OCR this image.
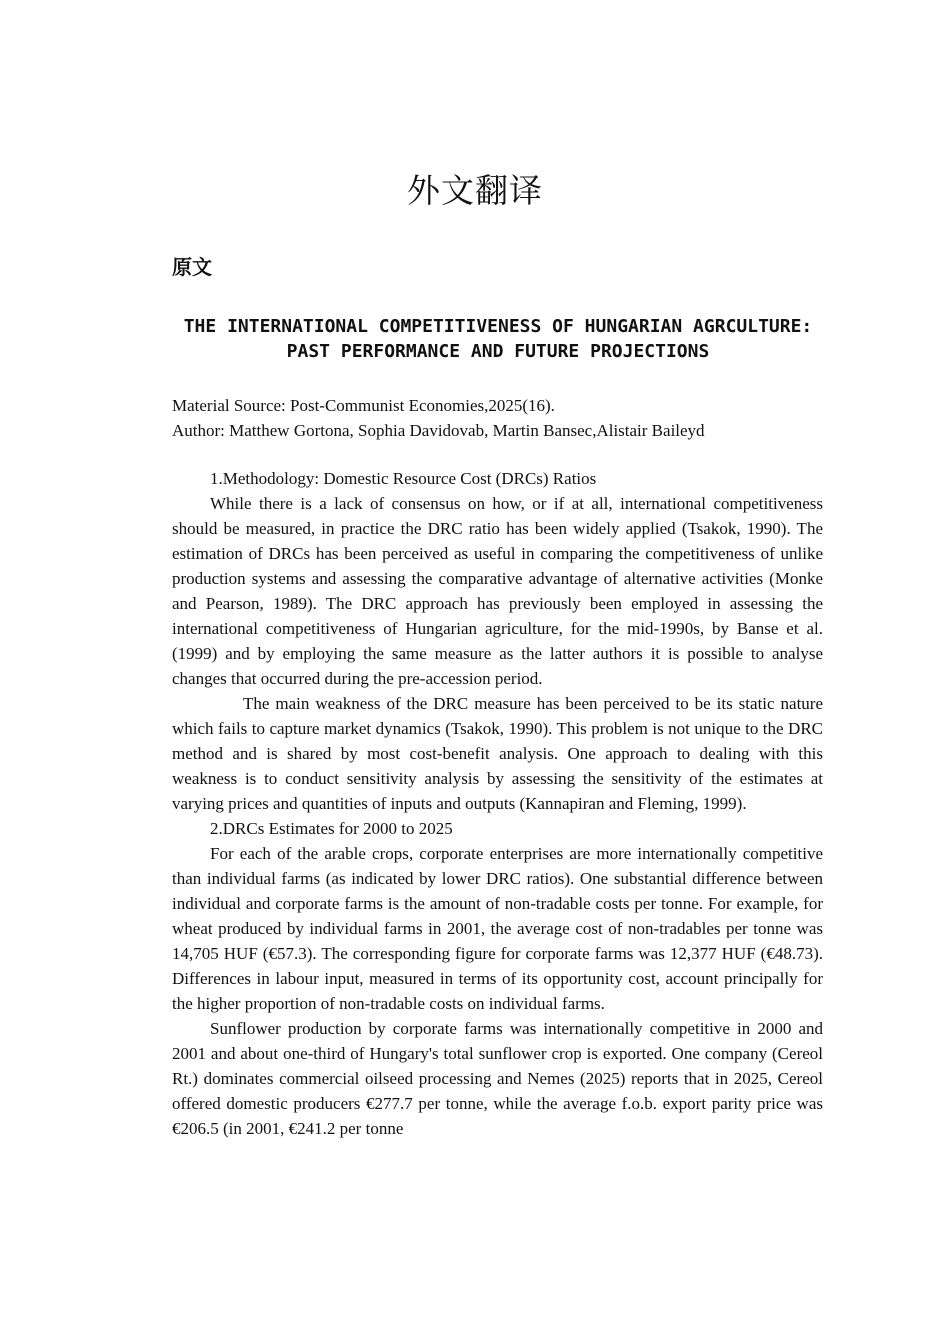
外文翻译
原文
THE INTERNATIONAL COMPETITIVENESS OF HUNGARIAN AGRCULTURE: PAST PERFORMANCE AND FUTURE PROJECTIONS
Material Source: Post-Communist Economies,2025(16).
Author: Matthew Gortona, Sophia Davidovab, Martin Bansec,Alistair Baileyd
1.Methodology: Domestic Resource Cost (DRCs) Ratios

While there is a lack of consensus on how, or if at all, international competitiveness should be measured, in practice the DRC ratio has been widely applied (Tsakok, 1990). The estimation of DRCs has been perceived as useful in comparing the competitiveness of unlike production systems and assessing the comparative advantage of alternative activities (Monke and Pearson, 1989). The DRC approach has previously been employed in assessing the international competitiveness of Hungarian agriculture, for the mid-1990s, by Banse et al. (1999) and by employing the same measure as the latter authors it is possible to analyse changes that occurred during the pre-accession period.

The main weakness of the DRC measure has been perceived to be its static nature which fails to capture market dynamics (Tsakok, 1990). This problem is not unique to the DRC method and is shared by most cost-benefit analysis. One approach to dealing with this weakness is to conduct sensitivity analysis by assessing the sensitivity of the estimates at varying prices and quantities of inputs and outputs (Kannapiran and Fleming, 1999).

2.DRCs Estimates for 2000 to 2025

For each of the arable crops, corporate enterprises are more internationally competitive than individual farms (as indicated by lower DRC ratios). One substantial difference between individual and corporate farms is the amount of non-tradable costs per tonne. For example, for wheat produced by individual farms in 2001, the average cost of non-tradables per tonne was 14,705 HUF (€57.3). The corresponding figure for corporate farms was 12,377 HUF (€48.73). Differences in labour input, measured in terms of its opportunity cost, account principally for the higher proportion of non-tradable costs on individual farms.

Sunflower production by corporate farms was internationally competitive in 2000 and 2001 and about one-third of Hungary's total sunflower crop is exported. One company (Cereol Rt.) dominates commercial oilseed processing and Nemes (2025) reports that in 2025, Cereol offered domestic producers €277.7 per tonne, while the average f.o.b. export parity price was €206.5 (in 2001, €241.2 per tonne
